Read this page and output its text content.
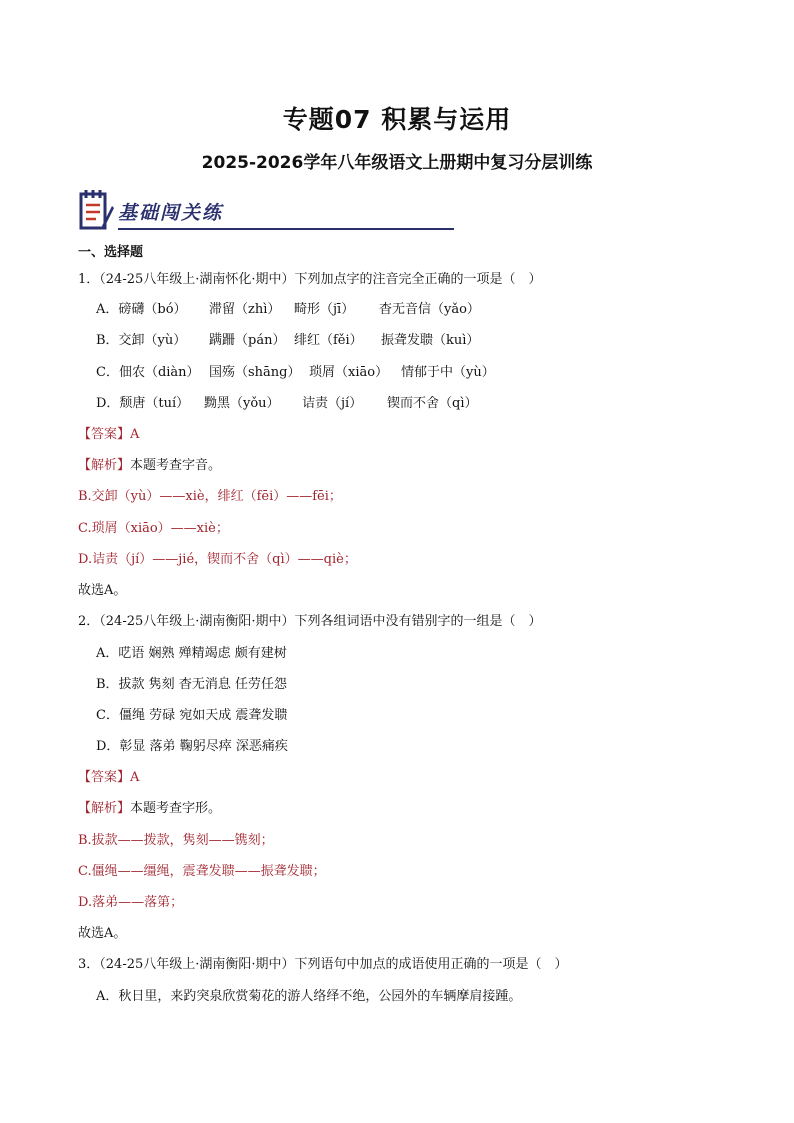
专题07 积累与运用
2025-2026学年八年级语文上册期中复习分层训练
基础闯关练
一、选择题
1．（24-25八年级上·湖南怀化·期中）下列加点字的注音完全正确的一项是（　）
A．磅礴（bó） 滞留（zhì） 畸形（jī） 杳无音信（yǎo）
B．交卸（yù） 蹒跚（pán） 绯红（fěi） 振聋发聩（kuì）
C．佃农（diàn） 国殇（shāng） 琐屑（xiāo） 情郁于中（yù）
D．颓唐（tuí） 黝黑（yǒu） 诘责（jí） 锲而不舍（qì）
【答案】A
【解析】本题考查字音。
B.交卸（yù）——xiè，绯红（fēi）——fēi；
C.琐屑（xiāo）——xiè；
D.诘责（jí）——jié，锲而不舍（qì）——qiè；
故选A。
2．（24-25八年级上·湖南衡阳·期中）下列各组词语中没有错别字的一组是（　）
A．呓语 娴熟 殚精竭虑 颇有建树
B．拔款 隽刻 杳无消息 任劳任怨
C．僵绳 劳碌 宛如天成 震聋发聩
D．彰显 落弟 鞠躬尽瘁 深恶痛疾
【答案】A
【解析】本题考查字形。
B.拔款——拨款，隽刻——镌刻；
C.僵绳——缰绳，震聋发聩——振聋发聩；
D.落弟——落第；
故选A。
3．（24-25八年级上·湖南衡阳·期中）下列语句中加点的成语使用正确的一项是（　）
A．秋日里，来趵突泉欣赏菊花的游人络绎不绝，公园外的车辆摩肩接踵。
